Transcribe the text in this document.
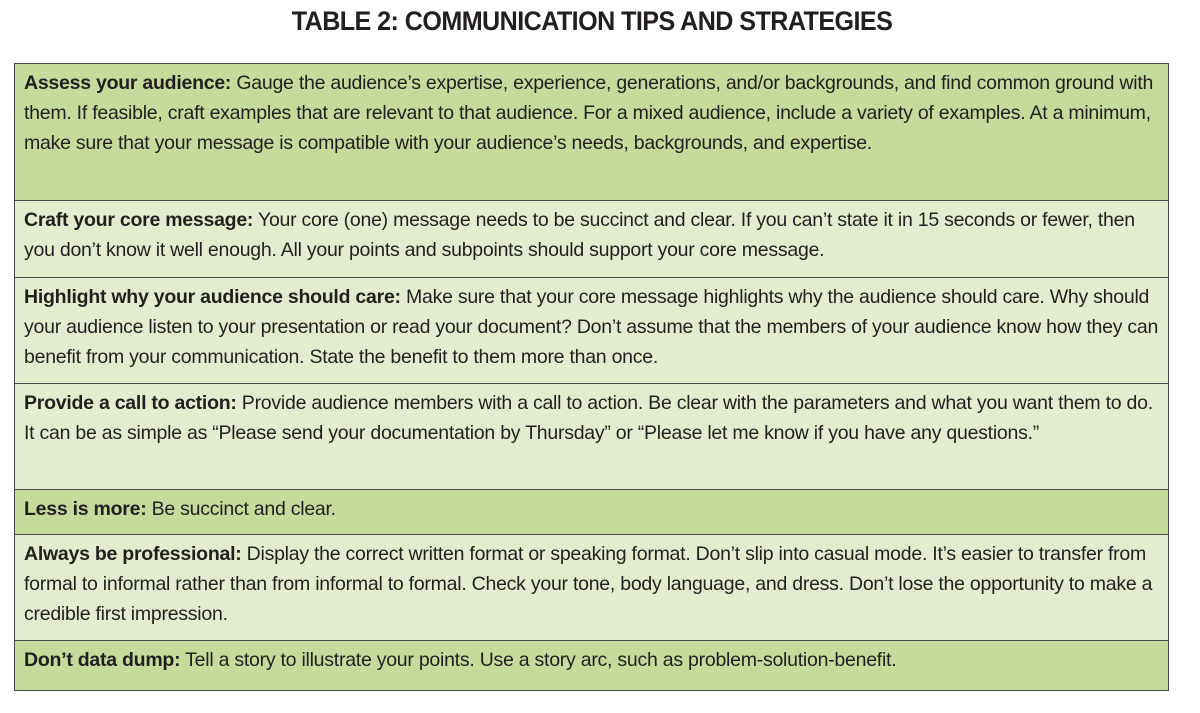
TABLE 2: COMMUNICATION TIPS AND STRATEGIES
Assess your audience: Gauge the audience’s expertise, experience, generations, and/or backgrounds, and find common ground with them. If feasible, craft examples that are relevant to that audience. For a mixed audience, include a variety of examples. At a minimum, make sure that your message is compatible with your audience’s needs, backgrounds, and expertise.
Craft your core message: Your core (one) message needs to be succinct and clear. If you can’t state it in 15 seconds or fewer, then you don’t know it well enough. All your points and subpoints should support your core message.
Highlight why your audience should care: Make sure that your core message highlights why the audience should care. Why should your audience listen to your presentation or read your document? Don’t assume that the members of your audience know how they can benefit from your communication. State the benefit to them more than once.
Provide a call to action: Provide audience members with a call to action. Be clear with the parameters and what you want them to do. It can be as simple as “Please send your documentation by Thursday” or “Please let me know if you have any questions.”
Less is more: Be succinct and clear.
Always be professional: Display the correct written format or speaking format. Don’t slip into casual mode. It’s easier to transfer from formal to informal rather than from informal to formal. Check your tone, body language, and dress. Don’t lose the opportunity to make a credible first impression.
Don’t data dump: Tell a story to illustrate your points. Use a story arc, such as problem-solution-benefit.
